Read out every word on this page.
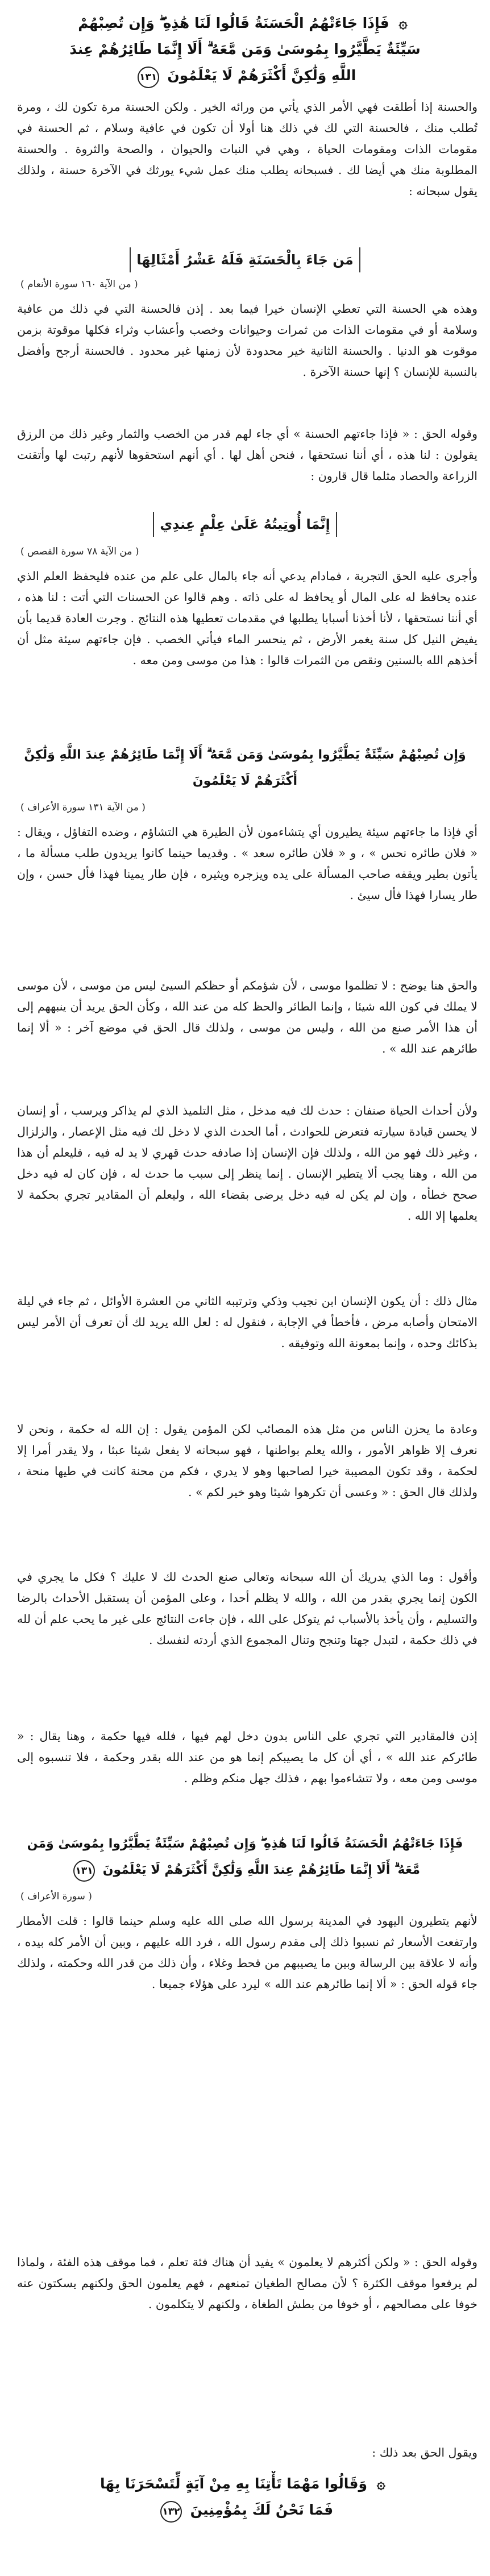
۞ فَإِذَا جَاءَتْهُمُ الْحَسَنَةُ قَالُوا لَنَا هَٰذِهِ ۖ وَإِن تُصِبْهُمْ
سَيِّئَةٌ يَطَّيَّرُوا بِمُوسَىٰ وَمَن مَّعَهُ ۗ أَلَا إِنَّمَا طَائِرُهُمْ عِندَ
اللَّهِ وَلَٰكِنَّ أَكْثَرَهُمْ لَا يَعْلَمُونَ ١٣١

والحسنة إذا أطلقت فهي الأمر الذي يأتي من ورائه الخير . ولكن الحسنة مرة تكون لك ، ومرة تُطلب منك ، فالحسنة التي لك في ذلك هنا أولا أن تكون في عافية وسلام ، ثم الحسنة في مقومات الذات ومقومات الحياة ، وهي في النبات والحيوان ، والصحة والثروة . والحسنة المطلوبة منك هي أيضا لك . فسبحانه يطلب منك عمل شيء يورثك في الآخرة حسنة ، ولذلك يقول سبحانه :

مَن جَاءَ بِالْحَسَنَةِ فَلَهُ عَشْرُ أَمْثَالِهَا
( من الآية ١٦٠ سورة الأنعام )

وهذه هي الحسنة التي تعطي الإنسان خيرا فيما بعد . إذن فالحسنة التي في ذلك من عافية وسلامة أو في مقومات الذات من ثمرات وحيوانات وخصب وأعشاب وثراء فكلها موقوتة بزمن موقوت هو الدنيا . والحسنة الثانية خير محدودة لأن زمنها غير محدود . فالحسنة أرجح وأفضل بالنسبة للإنسان ؟ إنها حسنة الآخرة .

وقوله الحق : « فإذا جاءتهم الحسنة » أي جاء لهم قدر من الخصب والثمار وغير ذلك من الرزق يقولون : لنا هذه ، أي أننا نستحقها ، فنحن أهل لها . أي أنهم استحقوها لأنهم رتبت لها وأتقنت الزراعة والحصاد مثلما قال قارون :

إِنَّمَا أُوتِيتُهُ عَلَىٰ عِلْمٍ عِندِي
( من الآية ٧٨ سورة القصص )

وأجرى عليه الحق التجربة ، فمادام يدعي أنه جاء بالمال على علم من عنده فليحفظ العلم الذي عنده يحافظ له على المال أو يحافظ له على ذاته . وهم قالوا عن الحسنات التي أتت : لنا هذه ، أي أننا نستحقها ، لأنا أخذنا أسبابا يطلبها في مقدمات تعطيها هذه النتائج . وجرت العادة قديما بأن يفيض النيل كل سنة يغمر الأرض ، ثم ينحسر الماء فيأتي الخصب . فإن جاءتهم سيئة مثل أن أخذهم الله بالسنين ونقص من الثمرات قالوا : هذا من موسى ومن معه .

وَإِن تُصِبْهُمْ سَيِّئَةٌ يَطَّيَّرُوا بِمُوسَىٰ وَمَن مَّعَهُ ۗ أَلَا إِنَّمَا طَائِرُهُمْ عِندَ اللَّهِ وَلَٰكِنَّ
أَكْثَرَهُمْ لَا يَعْلَمُونَ
( من الآية ١٣١ سورة الأعراف )

أي فإذا ما جاءتهم سيئة يطيرون أي يتشاءمون لأن الطيرة هي التشاؤم ، وضده التفاؤل ، ويقال : « فلان طائره نحس » ، و « فلان طائره سعد » . وقديما حينما كانوا يريدون طلب مسألة ما ، يأتون بطير ويقفه صاحب المسألة على يده ويزجره ويثيره ، فإن طار يمينا فهذا فأل حسن ، وإن طار يسارا فهذا فأل سيئ .

والحق هنا يوضح : لا تظلموا موسى ، لأن شؤمكم أو حظكم السيئ ليس من موسى ، لأن موسى لا يملك في كون الله شيئا ، وإنما الطائر والحظ كله من عند الله ، وكأن الحق يريد أن ينبههم إلى أن هذا الأمر صنع من الله ، وليس من موسى ، ولذلك قال الحق في موضع آخر : « ألا إنما طائرهم عند الله » .

ولأن أحداث الحياة صنفان : حدث لك فيه مدخل ، مثل التلميذ الذي لم يذاكر ويرسب ، أو إنسان لا يحسن قيادة سيارته فتعرض للحوادث ، أما الحدث الذي لا دخل لك فيه مثل الإعصار ، والزلزال ، وغير ذلك فهو من الله ، ولذلك فإن الإنسان إذا صادفه حدث قهري لا يد له فيه ، فليعلم أن هذا من الله ، وهنا يجب ألا يتطير الإنسان . إنما ينظر إلى سبب ما حدث له ، فإن كان له فيه دخل صحح خطأه ، وإن لم يكن له فيه دخل يرضى بقضاء الله ، وليعلم أن المقادير تجري بحكمة لا يعلمها إلا الله .

مثال ذلك : أن يكون الإنسان ابن نجيب وذكي وترتيبه الثاني من العشرة الأوائل ، ثم جاء في ليلة الامتحان وأصابه مرض ، فأخطأ في الإجابة ، فنقول له : لعل الله يريد لك أن تعرف أن الأمر ليس بذكائك وحده ، وإنما بمعونة الله وتوفيقه .

وعادة ما يحزن الناس من مثل هذه المصائب لكن المؤمن يقول : إن الله له حكمة ، ونحن لا نعرف إلا ظواهر الأمور ، والله يعلم بواطنها ، فهو سبحانه لا يفعل شيئا عبثا ، ولا يقدر أمرا إلا لحكمة ، وقد تكون المصيبة خيرا لصاحبها وهو لا يدري ، فكم من محنة كانت في طيها منحة ، ولذلك قال الحق : « وعسى أن تكرهوا شيئا وهو خير لكم » .

وأقول : وما الذي يدريك أن الله سبحانه وتعالى صنع الحدث لك لا عليك ؟ فكل ما يجري في الكون إنما يجري بقدر من الله ، والله لا يظلم أحدا ، وعلى المؤمن أن يستقبل الأحداث بالرضا والتسليم ، وأن يأخذ بالأسباب ثم يتوكل على الله ، فإن جاءت النتائج على غير ما يحب علم أن لله في ذلك حكمة ، لتبدل جهتا وتنجح وتنال المجموع الذي أردته لنفسك .

إذن فالمقادير التي تجري على الناس بدون دخل لهم فيها ، فلله فيها حكمة ، وهنا يقال : « طائركم عند الله » ، أي أن كل ما يصيبكم إنما هو من عند الله بقدر وحكمة ، فلا تنسبوه إلى موسى ومن معه ، ولا تتشاءموا بهم ، فذلك جهل منكم وظلم .

فَإِذَا جَاءَتْهُمُ الْحَسَنَةُ قَالُوا لَنَا هَٰذِهِ ۖ وَإِن تُصِبْهُمْ سَيِّئَةٌ يَطَّيَّرُوا بِمُوسَىٰ وَمَن
مَّعَهُ ۗ أَلَا إِنَّمَا طَائِرُهُمْ عِندَ اللَّهِ وَلَٰكِنَّ أَكْثَرَهُمْ لَا يَعْلَمُونَ ١٣١
( سورة الأعراف )

لأنهم يتطيرون اليهود في المدينة برسول الله صلى الله عليه وسلم حينما قالوا : قلت الأمطار وارتفعت الأسعار ثم نسبوا ذلك إلى مقدم رسول الله ، فرد الله عليهم ، وبين أن الأمر كله بيده ، وأنه لا علاقة بين الرسالة وبين ما يصيبهم من قحط وغلاء ، وأن ذلك من قدر الله وحكمته ، ولذلك جاء قوله الحق : « ألا إنما طائرهم عند الله » ليرد على هؤلاء جميعا .

وقوله الحق : « ولكن أكثرهم لا يعلمون » يفيد أن هناك فئة تعلم ، فما موقف هذه الفئة ، ولماذا لم يرفعوا موقف الكثرة ؟ لأن مصالح الطغيان تمنعهم ، فهم يعلمون الحق ولكنهم يسكتون عنه خوفا على مصالحهم ، أو خوفا من بطش الطغاة ، ولكنهم لا يتكلمون .

ويقول الحق بعد ذلك :

۞ وَقَالُوا مَهْمَا تَأْتِنَا بِهِ مِنْ آيَةٍ لِّتَسْحَرَنَا بِهَا
فَمَا نَحْنُ لَكَ بِمُؤْمِنِينَ ١٣٢
